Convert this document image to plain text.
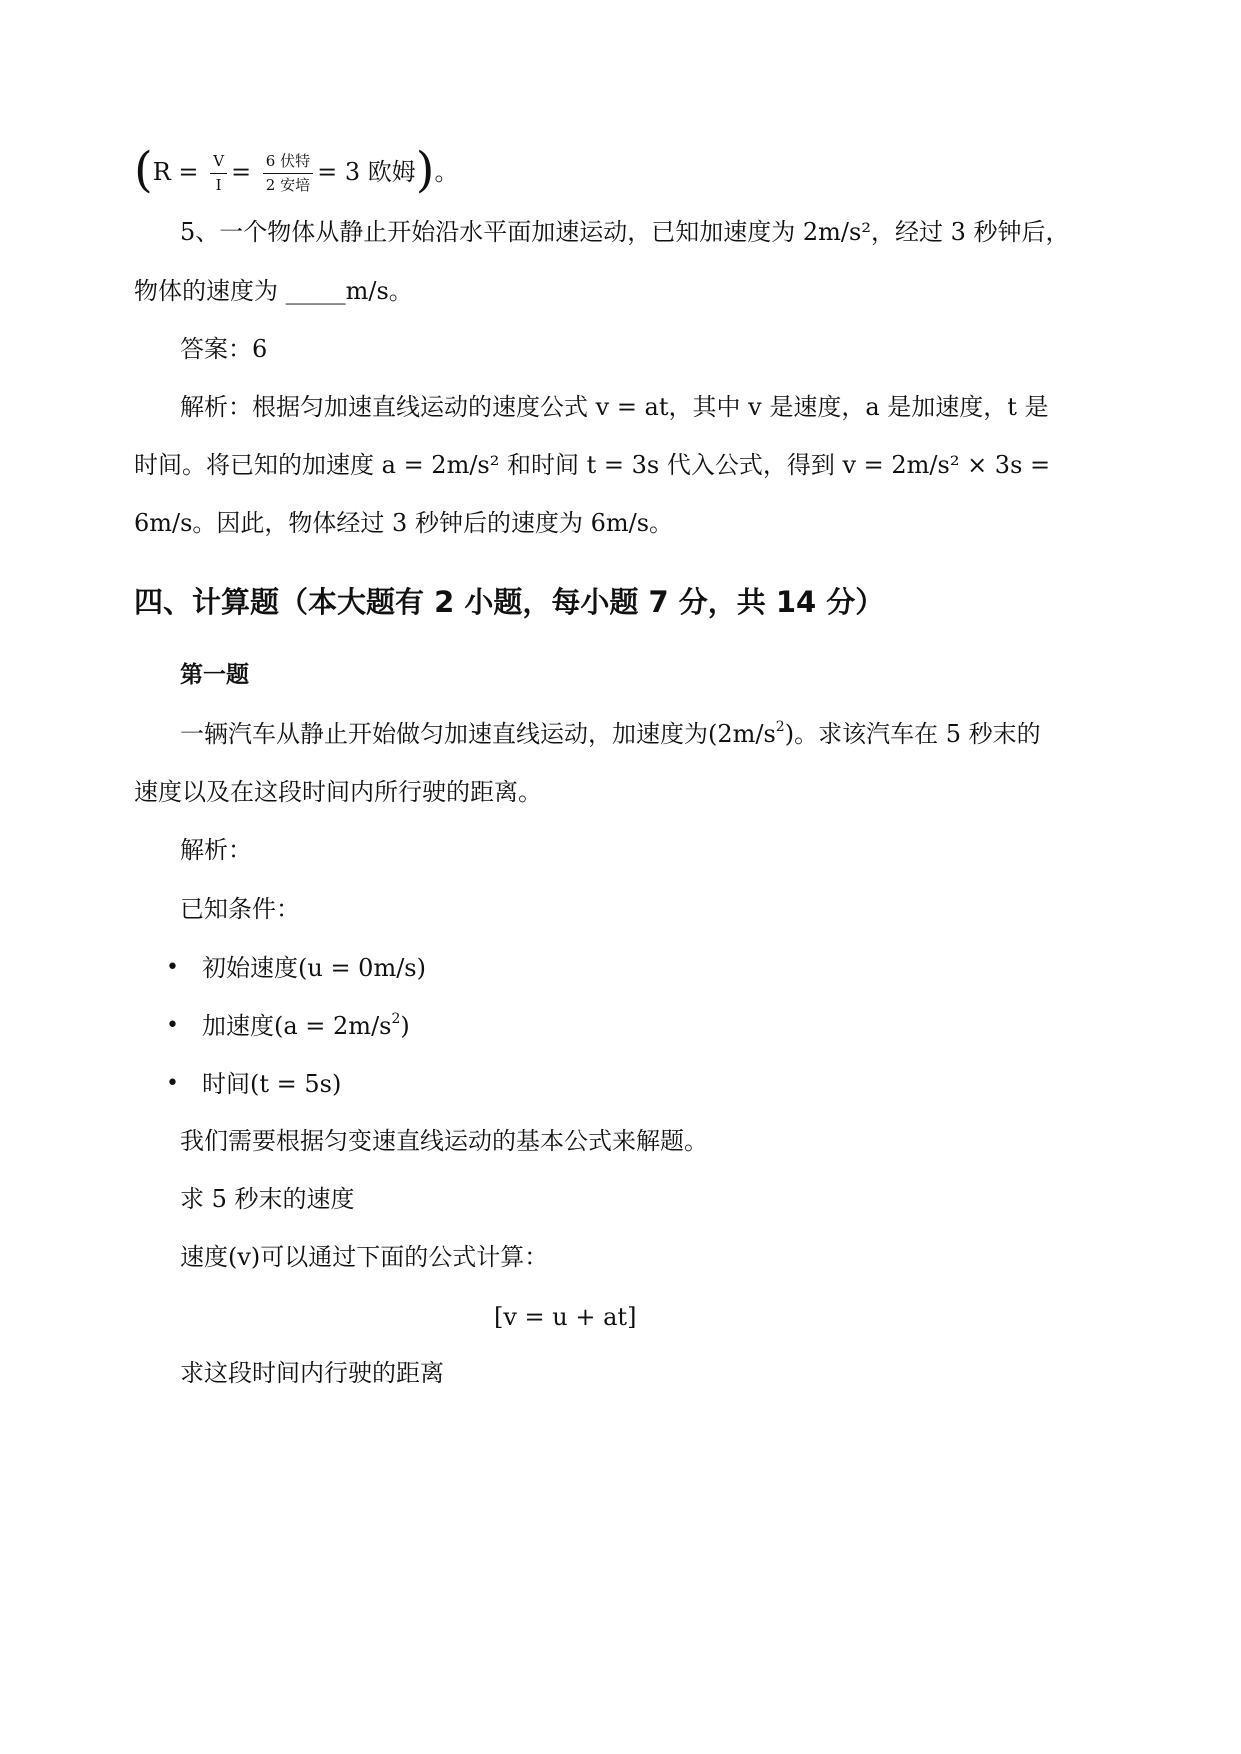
($R = \frac{V}{I} = \frac{\text{6 伏特}}{\text{2 安培}} = 3$ 欧姆)。
5、一个物体从静止开始沿水平面加速运动，已知加速度为 2m/s²，经过 3 秒钟后，
物体的速度为 _____m/s。
答案：6
解析：根据匀加速直线运动的速度公式 v = at，其中 v 是速度，a 是加速度，t 是
时间。将已知的加速度 a = 2m/s² 和时间 t = 3s 代入公式，得到 v = 2m/s² × 3s =
6m/s。因此，物体经过 3 秒钟后的速度为 6m/s。
四、计算题（本大题有 2 小题，每小题 7 分，共 14 分）
第一题
一辆汽车从静止开始做匀加速直线运动，加速度为$(2m/s^2)$。求该汽车在 5 秒末的
速度以及在这段时间内所行驶的距离。
解析：
已知条件：
• 初始速度(u = 0m/s)
• 加速度$(a = 2m/s^2)$
• 时间(t = 5s)
我们需要根据匀变速直线运动的基本公式来解题。
求 5 秒末的速度
速度(v)可以通过下面的公式计算：
[v = u + at]
求这段时间内行驶的距离
